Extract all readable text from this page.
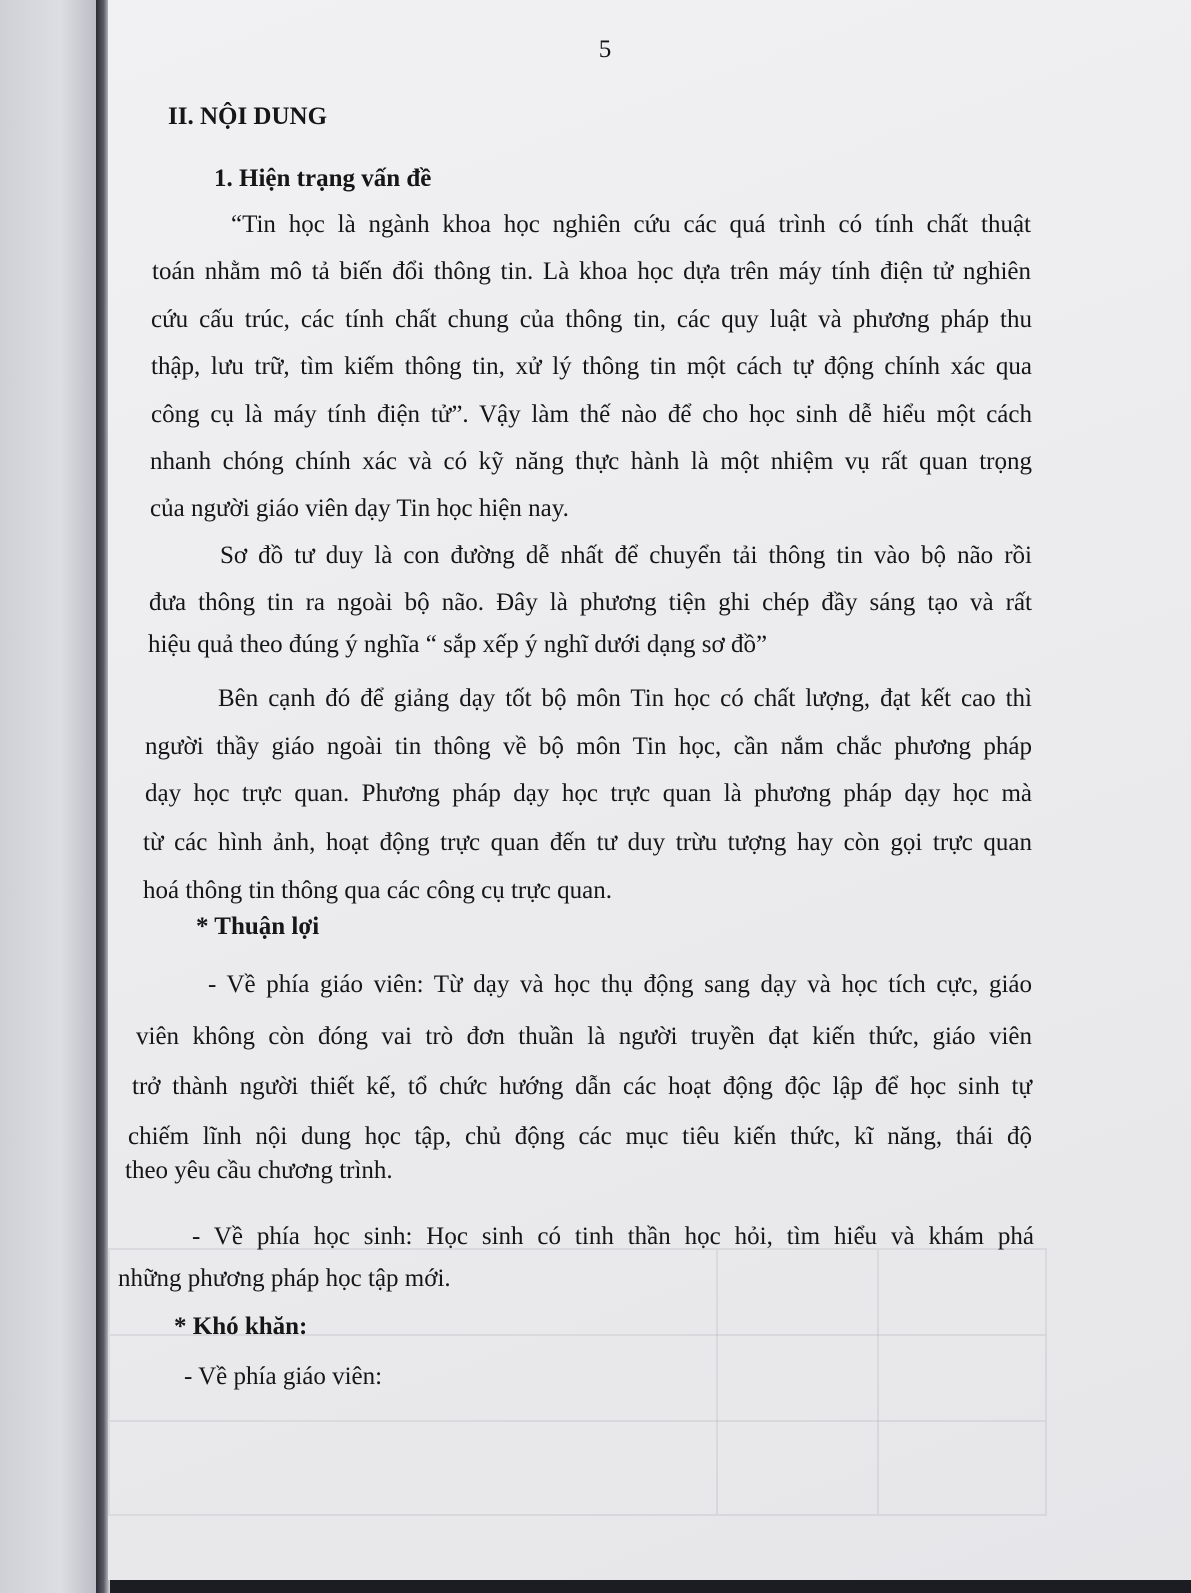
5
II. NỘI DUNG
1. Hiện trạng vấn đề
“Tin học là ngành khoa học nghiên cứu các quá trình có tính chất thuật
toán nhằm mô tả biến đổi thông tin. Là khoa học dựa trên máy tính điện tử nghiên
cứu cấu trúc, các tính chất chung của thông tin, các quy luật và phương pháp thu
thập, lưu trữ, tìm kiếm thông tin, xử lý thông tin một cách tự động chính xác qua
công cụ là máy tính điện tử”. Vậy làm thế nào để cho học sinh dễ hiểu một cách
nhanh chóng chính xác và có kỹ năng thực hành là một nhiệm vụ rất quan trọng
của người giáo viên dạy Tin học hiện nay.
Sơ đồ tư duy là con đường dễ nhất để chuyển tải thông tin vào bộ não rồi
đưa thông tin ra ngoài bộ não. Đây là phương tiện ghi chép đầy sáng tạo và rất
hiệu quả theo đúng ý nghĩa “ sắp xếp ý nghĩ dưới dạng sơ đồ”
Bên cạnh đó để giảng dạy tốt bộ môn Tin học có chất lượng, đạt kết cao thì
người thầy giáo ngoài tin thông về bộ môn Tin học, cần nắm chắc phương pháp
dạy học trực quan. Phương pháp dạy học trực quan là phương pháp dạy học mà
từ các hình ảnh, hoạt động trực quan đến tư duy trừu tượng hay còn gọi trực quan
hoá thông tin thông qua các công cụ trực quan.
* Thuận lợi
- Về phía giáo viên: Từ dạy và học thụ động sang dạy và học tích cực, giáo
viên không còn đóng vai trò đơn thuần là người truyền đạt kiến thức, giáo viên
trở thành người thiết kế, tổ chức hướng dẫn các hoạt động độc lập để học sinh tự
chiếm lĩnh nội dung học tập, chủ động các mục tiêu kiến thức, kĩ năng, thái độ
theo yêu cầu chương trình.
- Về phía học sinh: Học sinh có tinh thần học hỏi, tìm hiểu và khám phá
những phương pháp học tập mới.
* Khó khăn:
- Về phía giáo viên:
